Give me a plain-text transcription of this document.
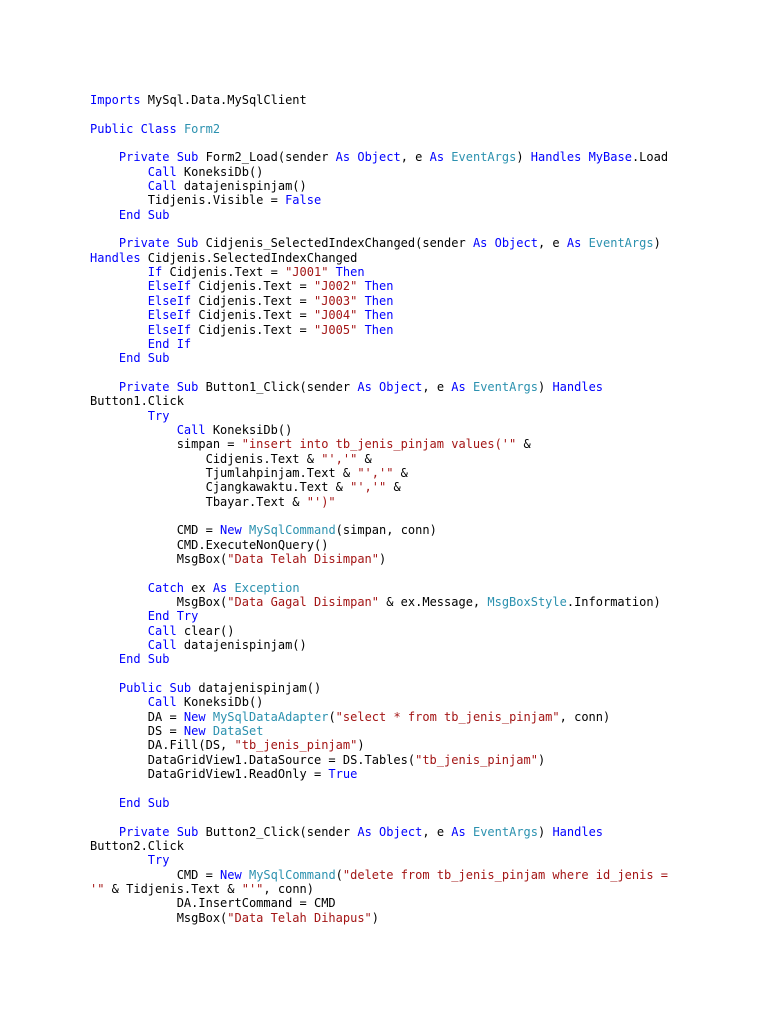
Imports MySql.Data.MySqlClient
Public Class Form2
Private Sub Form2_Load(sender As Object, e As EventArgs) Handles MyBase.Load
Call KoneksiDb()
Call datajenispinjam()
Tidjenis.Visible = False
End Sub
Private Sub Cidjenis_SelectedIndexChanged(sender As Object, e As EventArgs)
Handles Cidjenis.SelectedIndexChanged
If Cidjenis.Text = "J001" Then
ElseIf Cidjenis.Text = "J002" Then
ElseIf Cidjenis.Text = "J003" Then
ElseIf Cidjenis.Text = "J004" Then
ElseIf Cidjenis.Text = "J005" Then
End If
End Sub
Private Sub Button1_Click(sender As Object, e As EventArgs) Handles
Button1.Click
Try
Call KoneksiDb()
simpan = "insert into tb_jenis_pinjam values('" &
Cidjenis.Text & "','" &
Tjumlahpinjam.Text & "','" &
Cjangkawaktu.Text & "','" &
Tbayar.Text & "')"
CMD = New MySqlCommand(simpan, conn)
CMD.ExecuteNonQuery()
MsgBox("Data Telah Disimpan")
Catch ex As Exception
MsgBox("Data Gagal Disimpan" & ex.Message, MsgBoxStyle.Information)
End Try
Call clear()
Call datajenispinjam()
End Sub
Public Sub datajenispinjam()
Call KoneksiDb()
DA = New MySqlDataAdapter("select * from tb_jenis_pinjam", conn)
DS = New DataSet
DA.Fill(DS, "tb_jenis_pinjam")
DataGridView1.DataSource = DS.Tables("tb_jenis_pinjam")
DataGridView1.ReadOnly = True
End Sub
Private Sub Button2_Click(sender As Object, e As EventArgs) Handles
Button2.Click
Try
CMD = New MySqlCommand("delete from tb_jenis_pinjam where id_jenis =
'" & Tidjenis.Text & "'", conn)
DA.InsertCommand = CMD
MsgBox("Data Telah Dihapus")
